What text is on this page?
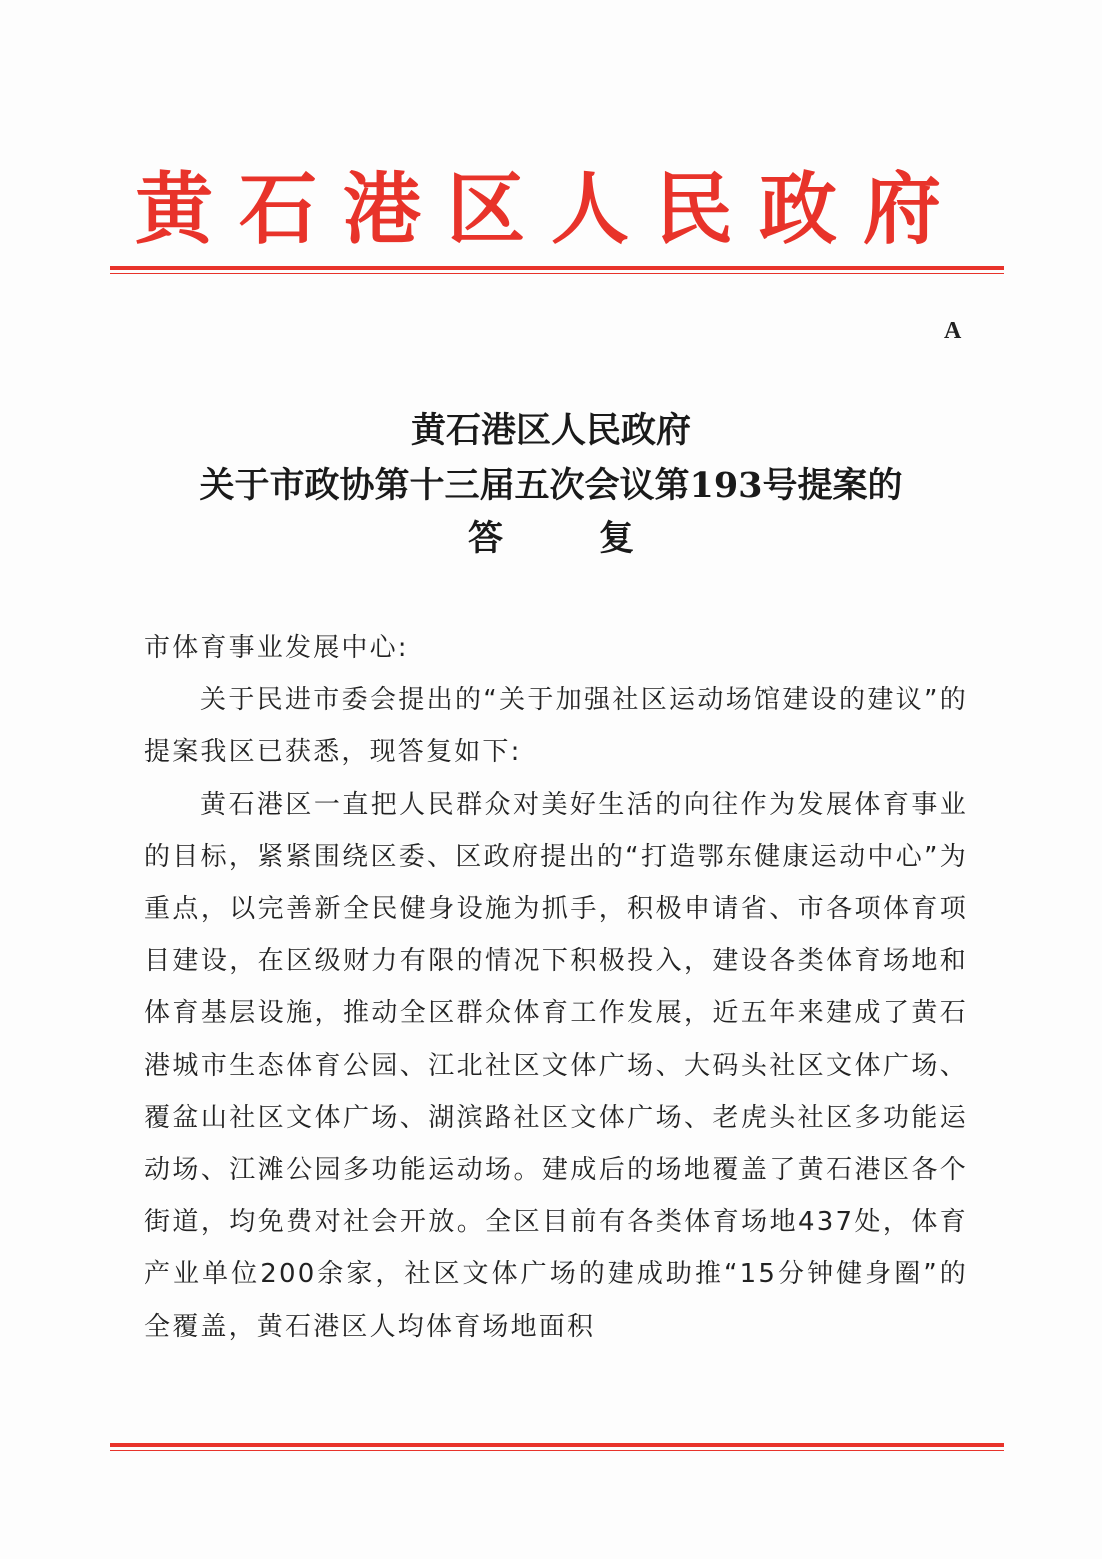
黄石港区人民政府
A
黄石港区人民政府
关于市政协第十三届五次会议第193号提案的
答复

市体育事业发展中心:

关于民进市委会提出的“关于加强社区运动场馆建设的建议”的提案我区已获悉，现答复如下:

黄石港区一直把人民群众对美好生活的向往作为发展体育事业的目标，紧紧围绕区委、区政府提出的“打造鄂东健康运动中心”为重点，以完善新全民健身设施为抓手，积极申请省、市各项体育项目建设，在区级财力有限的情况下积极投入，建设各类体育场地和体育基层设施，推动全区群众体育工作发展，近五年来建成了黄石港城市生态体育公园、江北社区文体广场、大码头社区文体广场、覆盆山社区文体广场、湖滨路社区文体广场、老虎头社区多功能运动场、江滩公园多功能运动场。建成后的场地覆盖了黄石港区各个街道，均免费对社会开放。全区目前有各类体育场地437处，体育产业单位200余家，社区文体广场的建成助推“15分钟健身圈”的全覆盖，黄石港区人均体育场地面积
